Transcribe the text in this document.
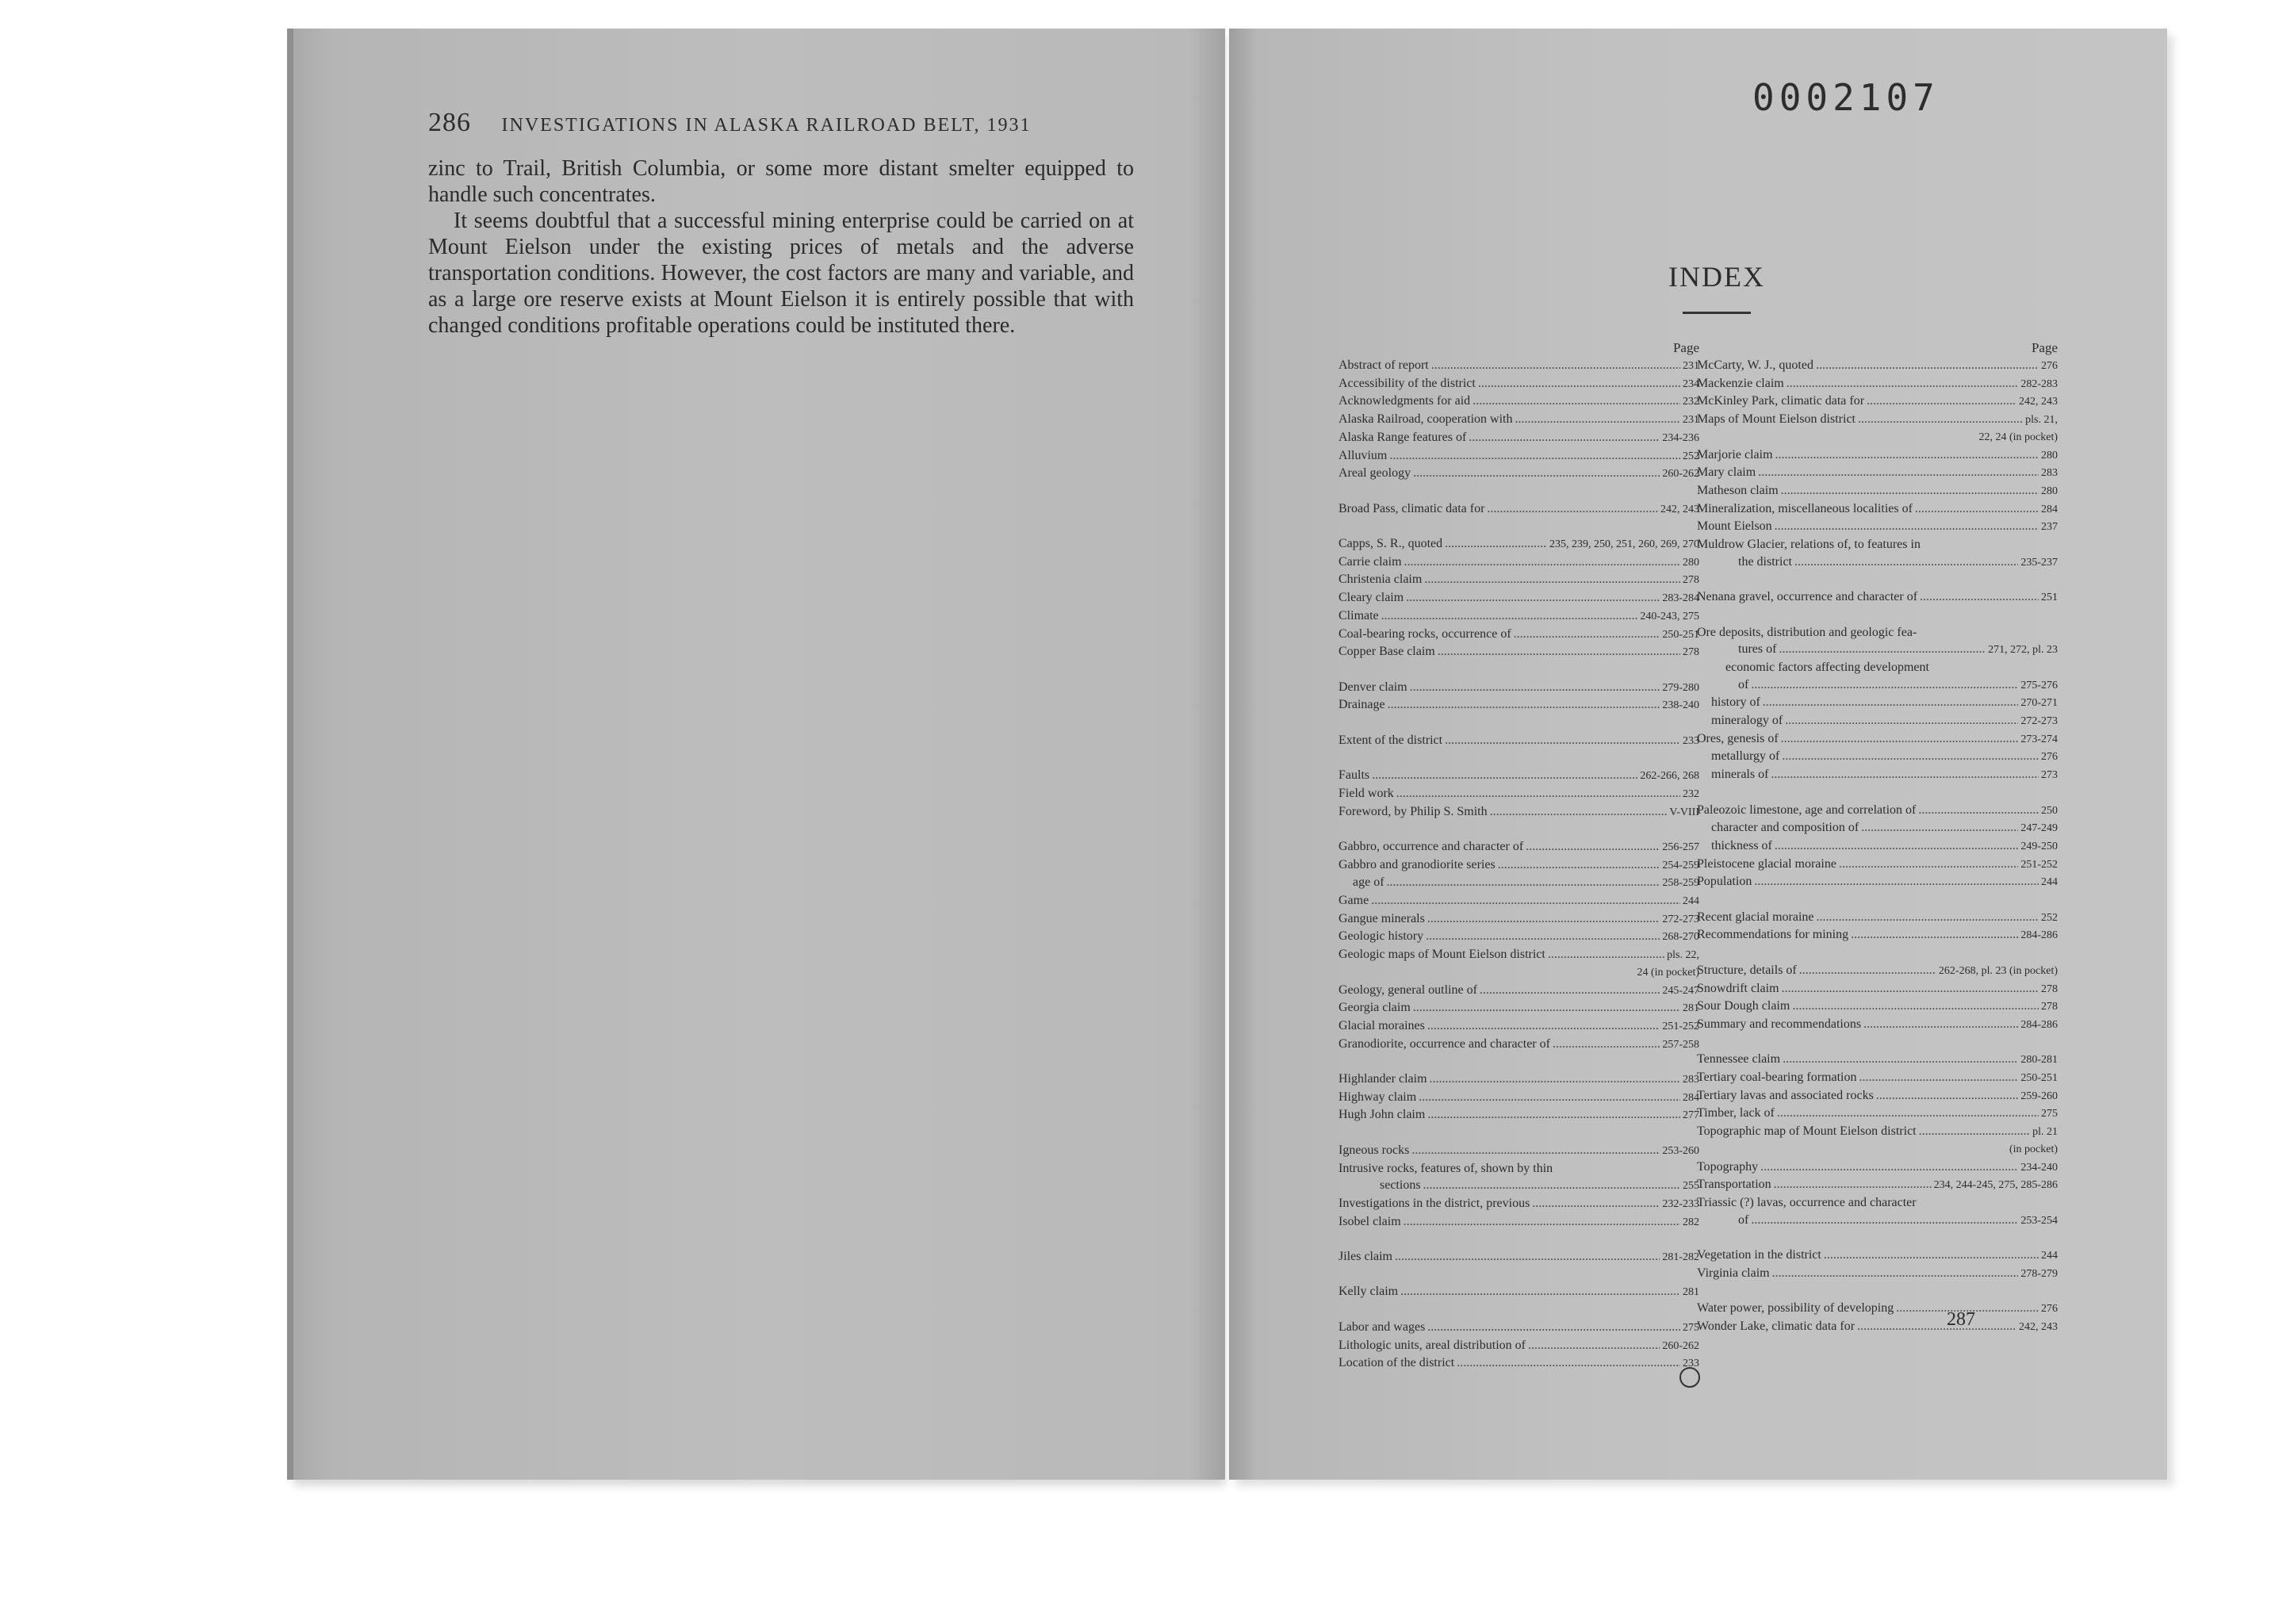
286 INVESTIGATIONS IN ALASKA RAILROAD BELT, 1931

zinc to Trail, British Columbia, or some more distant smelter equipped to handle such concentrates.

It seems doubtful that a successful mining enterprise could be carried on at Mount Eielson under the existing prices of metals and the adverse transportation conditions. However, the cost factors are many and variable, and as a large ore reserve exists at Mount Eielson it is entirely possible that with changed conditions profitable operations could be instituted there.

0002107
INDEX
Page
Abstract of report . . .	231
Accessibility of the district . . .	234
Acknowledgments for aid . . .	232
Alaska Railroad, cooperation with . . .	231
Alaska Range features of . . .	234-236
Alluvium . . .	252
Areal geology . . .	260-262
Broad Pass, climatic data for . . .	242, 243
Capps, S. R., quoted . . .	235, 239, 250, 251, 260, 269, 270
Carrie claim . . .	280
Christenia claim . . .	278
Cleary claim . . .	283-284
Climate . . .	240-243, 275
Coal-bearing rocks, occurrence of . . .	250-251
Copper Base claim . . .	278
Denver claim . . .	279-280
Drainage . . .	238-240
Extent of the district . . .	233
Faults . . .	262-266, 268
Field work . . .	232
Foreword, by Philip S. Smith . . .	V-VIII
Gabbro, occurrence and character of . . .	256-257
Gabbro and granodiorite series . . .	254-259
age of . . .	258-259
Game . . .	244
Gangue minerals . . .	272-273
Geologic history . . .	268-270
Geologic maps of Mount Eielson district . . .	pls. 22,
24 (in pocket)
Geology, general outline of . . .	245-247
Georgia claim . . .	281
Glacial moraines . . .	251-252
Granodiorite, occurrence and character of . . .	257-258
Highlander claim . . .	283
Highway claim . . .	284
Hugh John claim . . .	277
Igneous rocks . . .	253-260
Intrusive rocks, features of, shown by thin
sections . . .	255
Investigations in the district, previous . . .	232-233
Isobel claim . . .	282
Jiles claim . . .	281-282
Kelly claim . . .	281
Labor and wages . . .	275
Lithologic units, areal distribution of . . .	260-262
Location of the district . . .	233
Page
McCarty, W. J., quoted . . .	276
Mackenzie claim . . .	282-283
McKinley Park, climatic data for . . .	242, 243
Maps of Mount Eielson district . . .	pls. 21,
22, 24 (in pocket)
Marjorie claim . . .	280
Mary claim . . .	283
Matheson claim . . .	280
Mineralization, miscellaneous localities of . . .	284
Mount Eielson . . .	237
Muldrow Glacier, relations of, to features in
the district . . .	235-237
Nenana gravel, occurrence and character of . . .	251
Ore deposits, distribution and geologic fea-
tures of . . .	271, 272, pl. 23
economic factors affecting development
of . . .	275-276
history of . . .	270-271
mineralogy of . . .	272-273
Ores, genesis of . . .	273-274
metallurgy of . . .	276
minerals of . . .	273
Paleozoic limestone, age and correlation of . . .	250
character and composition of . . .	247-249
thickness of . . .	249-250
Pleistocene glacial moraine . . .	251-252
Population . . .	244
Recent glacial moraine . . .	252
Recommendations for mining . . .	284-286
Structure, details of . . .	262-268, pl. 23 (in pocket)
Snowdrift claim . . .	278
Sour Dough claim . . .	278
Summary and recommendations . . .	284-286
Tennessee claim . . .	280-281
Tertiary coal-bearing formation . . .	250-251
Tertiary lavas and associated rocks . . .	259-260
Timber, lack of . . .	275
Topographic map of Mount Eielson district . . .	pl. 21
(in pocket)
Topography . . .	234-240
Transportation . . .	234, 244-245, 275, 285-286
Triassic (?) lavas, occurrence and character
of . . .	253-254
Vegetation in the district . . .	244
Virginia claim . . .	278-279
Water power, possibility of developing . . .	276
Wonder Lake, climatic data for . . .	242, 243
287
